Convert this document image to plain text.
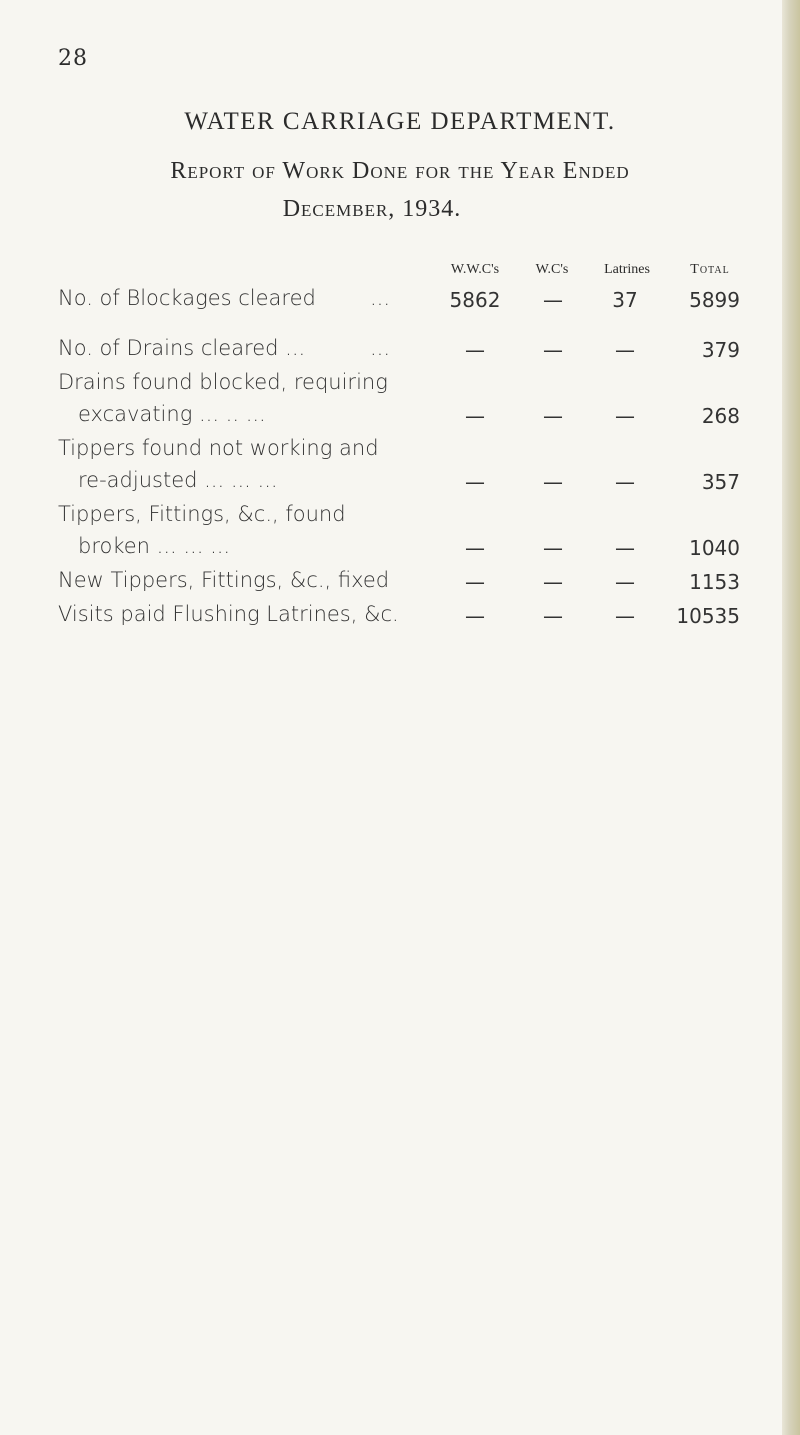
28
WATER CARRIAGE DEPARTMENT.
Report of Work Done for the Year Ended
December, 1934.
W.W.C's	W.C's	Latrines	Total
No. of Blockages cleared	...	5862	—	37	5899
No. of Drains cleared ...	...	—	—	—	379
Drains found blocked, requiring
excavating ... .. ...	—	—	—	268
Tippers found not working and
re-adjusted ... ... ...	—	—	—	357
Tippers, Fittings, &c., found
broken ... ... ...	—	—	—	1040
New Tippers, Fittings, &c., fixed	—	—	—	1153
Visits paid Flushing Latrines, &c.	—	—	—	10535
